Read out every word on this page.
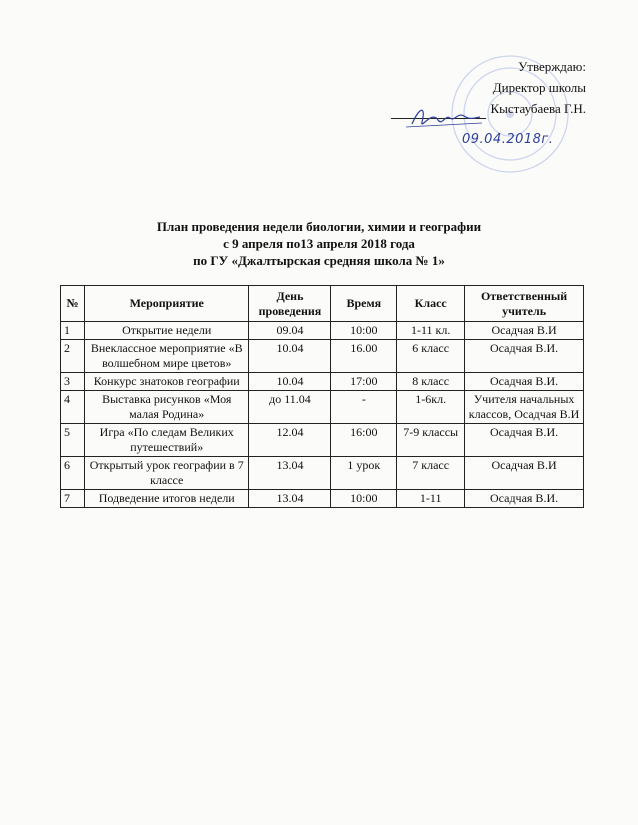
Утверждаю:
Директор школы
Кыстаубаева Г.Н.
09.04.2018г.
План проведения недели биологии, химии и географии
с 9 апреля по13 апреля 2018 года
по ГУ «Джалтырская средняя школа № 1»
№	Мероприятие	День проведения	Время	Класс	Ответственный учитель
1	Открытие недели	09.04	10:00	1-11 кл.	Осадчая В.И
2	Внеклассное мероприятие «В волшебном мире цветов»	10.04	16.00	6 класс	Осадчая В.И.
3	Конкурс знатоков географии	10.04	17:00	8 класс	Осадчая В.И.
4	Выставка рисунков «Моя малая Родина»	до 11.04	-	1-6кл.	Учителя начальных классов, Осадчая В.И
5	Игра «По следам Великих путешествий»	12.04	16:00	7-9 классы	Осадчая В.И.
6	Открытый урок географии в 7 классе	13.04	1 урок	7 класс	Осадчая В.И
7	Подведение итогов недели	13.04	10:00	1-11	Осадчая В.И.
